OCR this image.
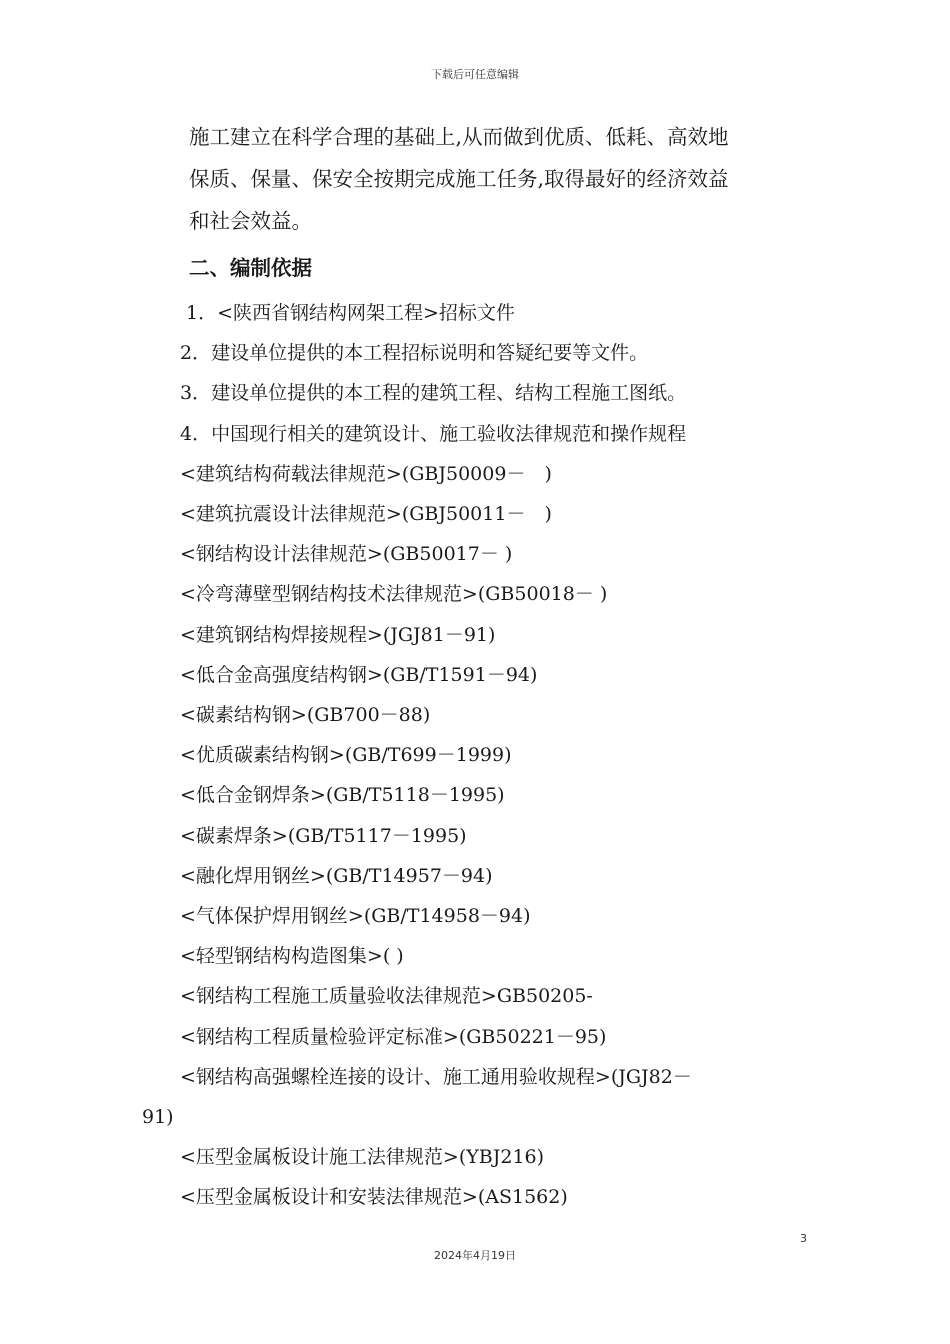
下载后可任意编辑
施工建立在科学合理的基础上,从而做到优质、低耗、高效地
保质、保量、保安全按期完成施工任务,取得最好的经济效益
和社会效益。
二、编制依据
1．<陕西省钢结构网架工程>招标文件
2．建设单位提供的本工程招标说明和答疑纪要等文件。
3．建设单位提供的本工程的建筑工程、结构工程施工图纸。
4．中国现行相关的建筑设计、施工验收法律规范和操作规程
<建筑结构荷载法律规范>(GBJ50009－　)
<建筑抗震设计法律规范>(GBJ50011－　)
<钢结构设计法律规范>(GB50017－ )
<冷弯薄壁型钢结构技术法律规范>(GB50018－ )
<建筑钢结构焊接规程>(JGJ81－91)
<低合金高强度结构钢>(GB/T1591－94)
<碳素结构钢>(GB700－88)
<优质碳素结构钢>(GB/T699－1999)
<低合金钢焊条>(GB/T5118－1995)
<碳素焊条>(GB/T5117－1995)
<融化焊用钢丝>(GB/T14957－94)
<气体保护焊用钢丝>(GB/T14958－94)
<轻型钢结构构造图集>( )
<钢结构工程施工质量验收法律规范>GB50205-
<钢结构工程质量检验评定标准>(GB50221－95)
<钢结构高强螺栓连接的设计、施工通用验收规程>(JGJ82－
91)
<压型金属板设计施工法律规范>(YBJ216)
<压型金属板设计和安装法律规范>(AS1562)
3
2024年4月19日
